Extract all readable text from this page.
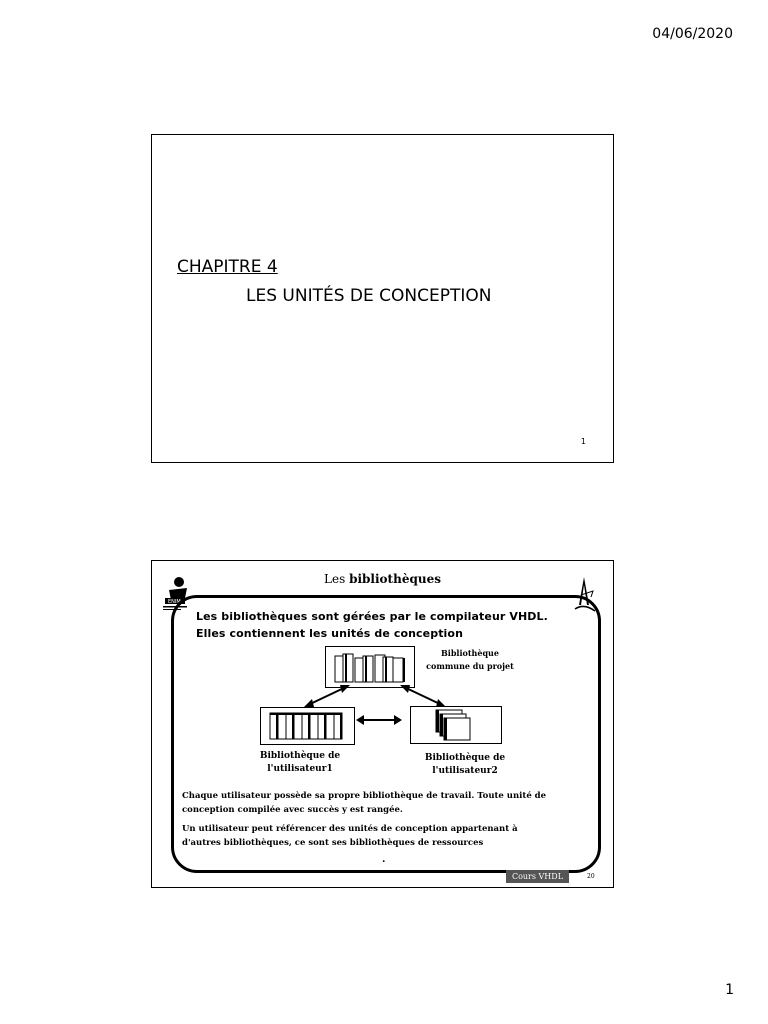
04/06/2020
CHAPITRE 4
LES UNITÉS DE CONCEPTION
1
ENIM
Les bibliothèques
Les bibliothèques sont gérées par le compilateur VHDL.
Elles contiennent les unités de conception
Bibliothèque
commune du projet
Bibliothèque de
l'utilisateur1
Bibliothèque de
l'utilisateur2
Chaque utilisateur possède sa propre bibliothèque de travail. Toute unité de
conception compilée avec succès y est rangée.
Un utilisateur peut référencer des unités de conception appartenant à
d'autres bibliothèques, ce sont ses bibliothèques de ressources
.
Cours VHDL	20
1
